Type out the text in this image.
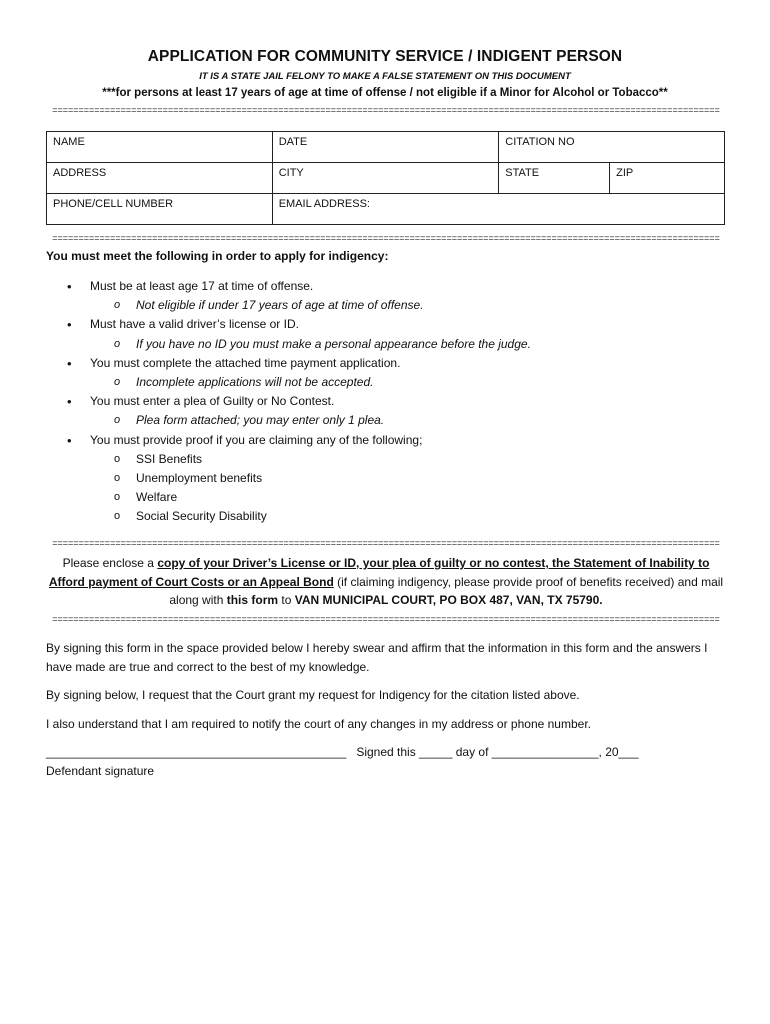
APPLICATION FOR COMMUNITY SERVICE / INDIGENT PERSON
IT IS A STATE JAIL FELONY TO MAKE A FALSE STATEMENT ON THIS DOCUMENT
***for persons at least 17 years of age at time of offense / not eligible if a Minor for Alcohol or Tobacco**
===============================================================================================================================
NAME	DATE	CITATION NO	
ADDRESS	CITY	STATE	ZIP
PHONE/CELL NUMBER	EMAIL ADDRESS:		
===============================================================================================================================
You must meet the following in order to apply for indigency:
• Must be at least age 17 at time of offense.
o Not eligible if under 17 years of age at time of offense.
• Must have a valid driver’s license or ID.
o If you have no ID you must make a personal appearance before the judge.
• You must complete the attached time payment application.
o Incomplete applications will not be accepted.
• You must enter a plea of Guilty or No Contest.
o Plea form attached; you may enter only 1 plea.
• You must provide proof if you are claiming any of the following;
o SSI Benefits
o Unemployment benefits
o Welfare
o Social Security Disability
===============================================================================================================================
Please enclose a copy of your Driver’s License or ID, your plea of guilty or no contest, the Statement of Inability to Afford payment of Court Costs or an Appeal Bond (if claiming indigency, please provide proof of benefits received) and mail along with this form to VAN MUNICIPAL COURT, PO BOX 487, VAN, TX 75790.
===============================================================================================================================
By signing this form in the space provided below I hereby swear and affirm that the information in this form and the answers I have made are true and correct to the best of my knowledge.
By signing below, I request that the Court grant my request for Indigency for the citation listed above.
I also understand that I am required to notify the court of any changes in my address or phone number.
_____________________________________________   Signed this _____ day of ________________, 20___
Defendant signature
